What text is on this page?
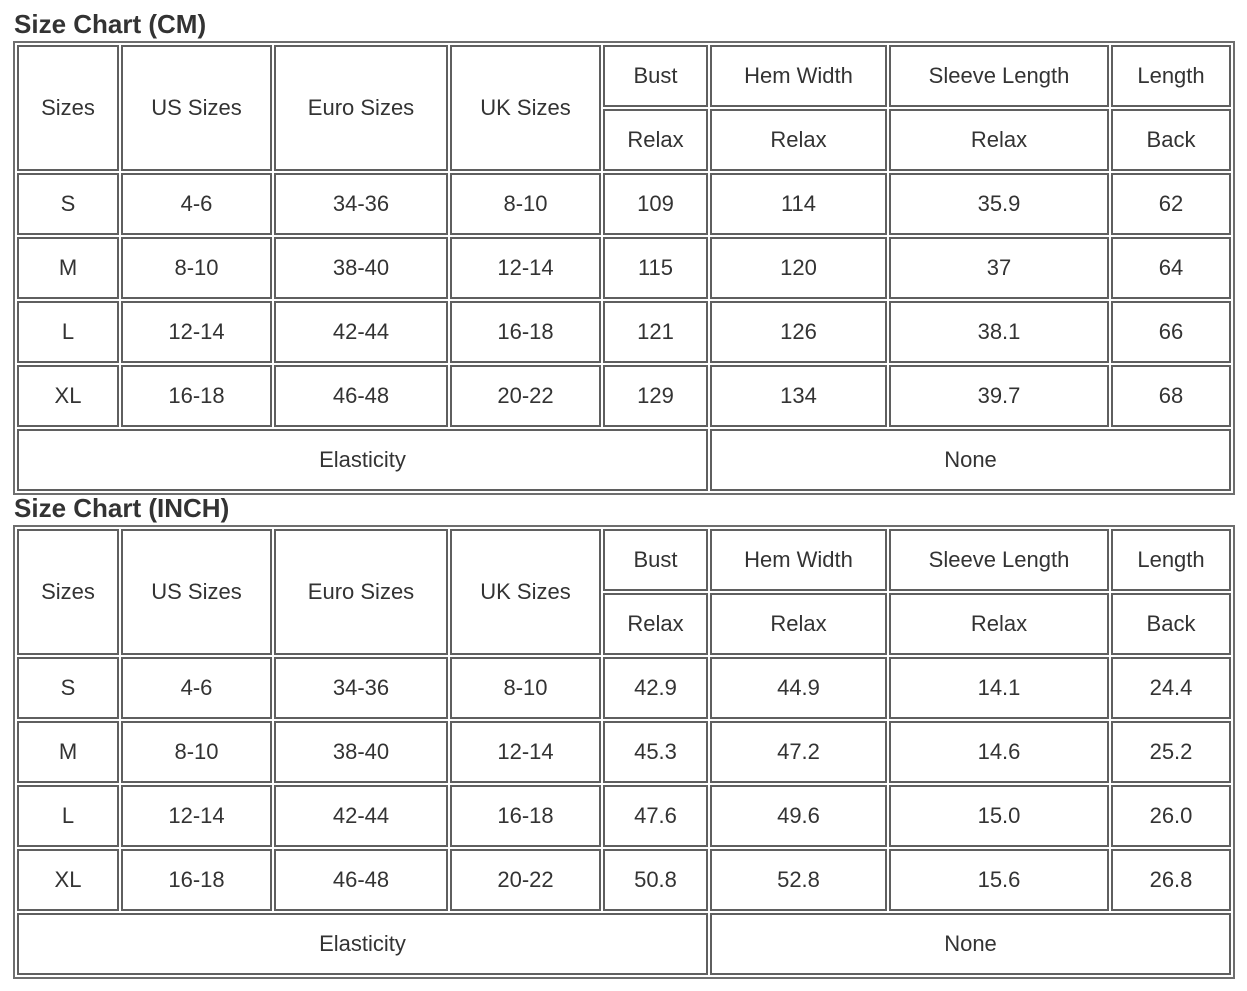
Size Chart (CM)
Sizes	US Sizes	Euro Sizes	UK Sizes	Bust	Hem Width	Sleeve Length	Length
				Relax	Relax	Relax	Back
S	4-6	34-36	8-10	109	114	35.9	62
M	8-10	38-40	12-14	115	120	37	64
L	12-14	42-44	16-18	121	126	38.1	66
XL	16-18	46-48	20-22	129	134	39.7	68
Elasticity					None		
Size Chart (INCH)
Sizes	US Sizes	Euro Sizes	UK Sizes	Bust	Hem Width	Sleeve Length	Length
				Relax	Relax	Relax	Back
S	4-6	34-36	8-10	42.9	44.9	14.1	24.4
M	8-10	38-40	12-14	45.3	47.2	14.6	25.2
L	12-14	42-44	16-18	47.6	49.6	15.0	26.0
XL	16-18	46-48	20-22	50.8	52.8	15.6	26.8
Elasticity					None		
